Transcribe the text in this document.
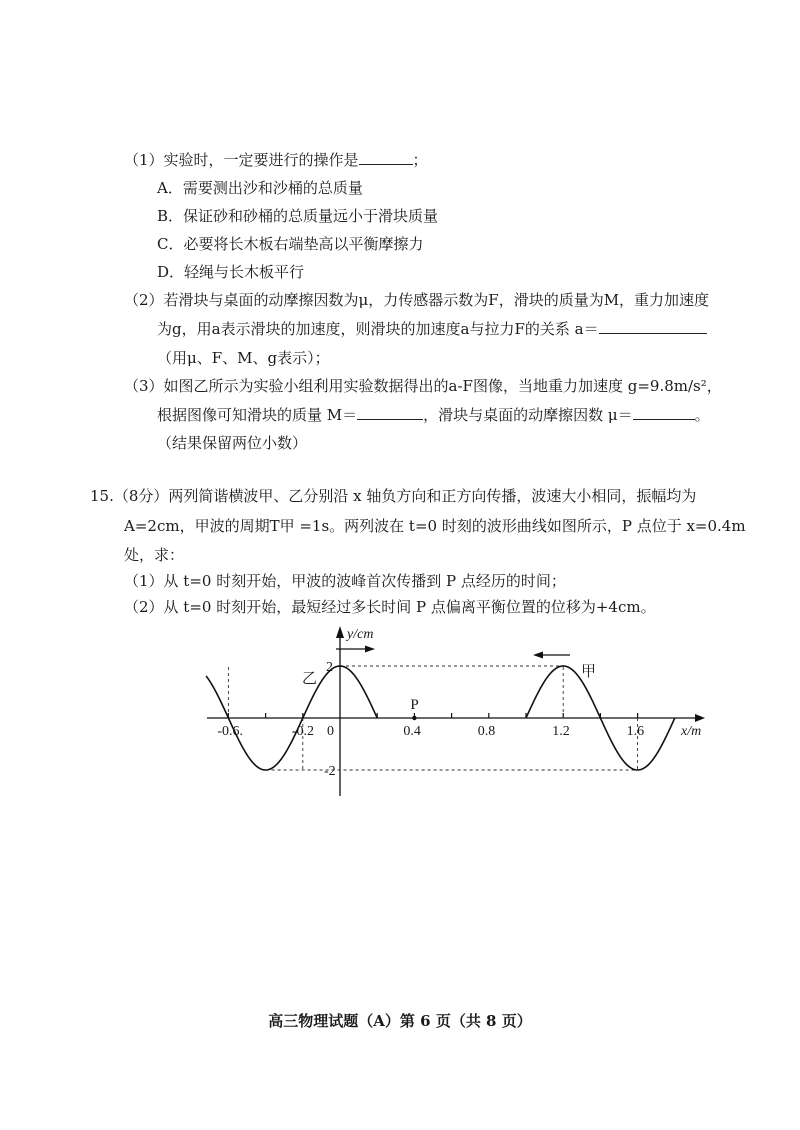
（1）实验时，一定要进行的操作是	；
A．需要测出沙和沙桶的总质量
B．保证砂和砂桶的总质量远小于滑块质量
C．必要将长木板右端垫高以平衡摩擦力
D．轻绳与长木板平行
（2）若滑块与桌面的动摩擦因数为μ，力传感器示数为F，滑块的质量为M，重力加速度
为g，用a表示滑块的加速度，则滑块的加速度a与拉力F的关系 a＝
（用μ、F、M、g表示）；
（3）如图乙所示为实验小组利用实验数据得出的a-F图像，当地重力加速度 g=9.8m/s²，
根据图像可知滑块的质量 M＝	，滑块与桌面的动摩擦因数 μ＝	。
（结果保留两位小数）
15.（8分）两列简谐横波甲、乙分别沿 x 轴负方向和正方向传播，波速大小相同，振幅均为
A=2cm，甲波的周期T甲 =1s。两列波在 t=0 时刻的波形曲线如图所示，P 点位于 x=0.4m
处，求：
（1）从 t=0 时刻开始，甲波的波峰首次传播到 P 点经历的时间；
（2）从 t=0 时刻开始，最短经过多长时间 P 点偏离平衡位置的位移为+4cm。
-0.6.	-0.2 0	0.4	0.8	1.2	1.6
2
-2
x/m
y/cm
乙	甲
P
高三物理试题（A）第 6 页（共 8 页）
